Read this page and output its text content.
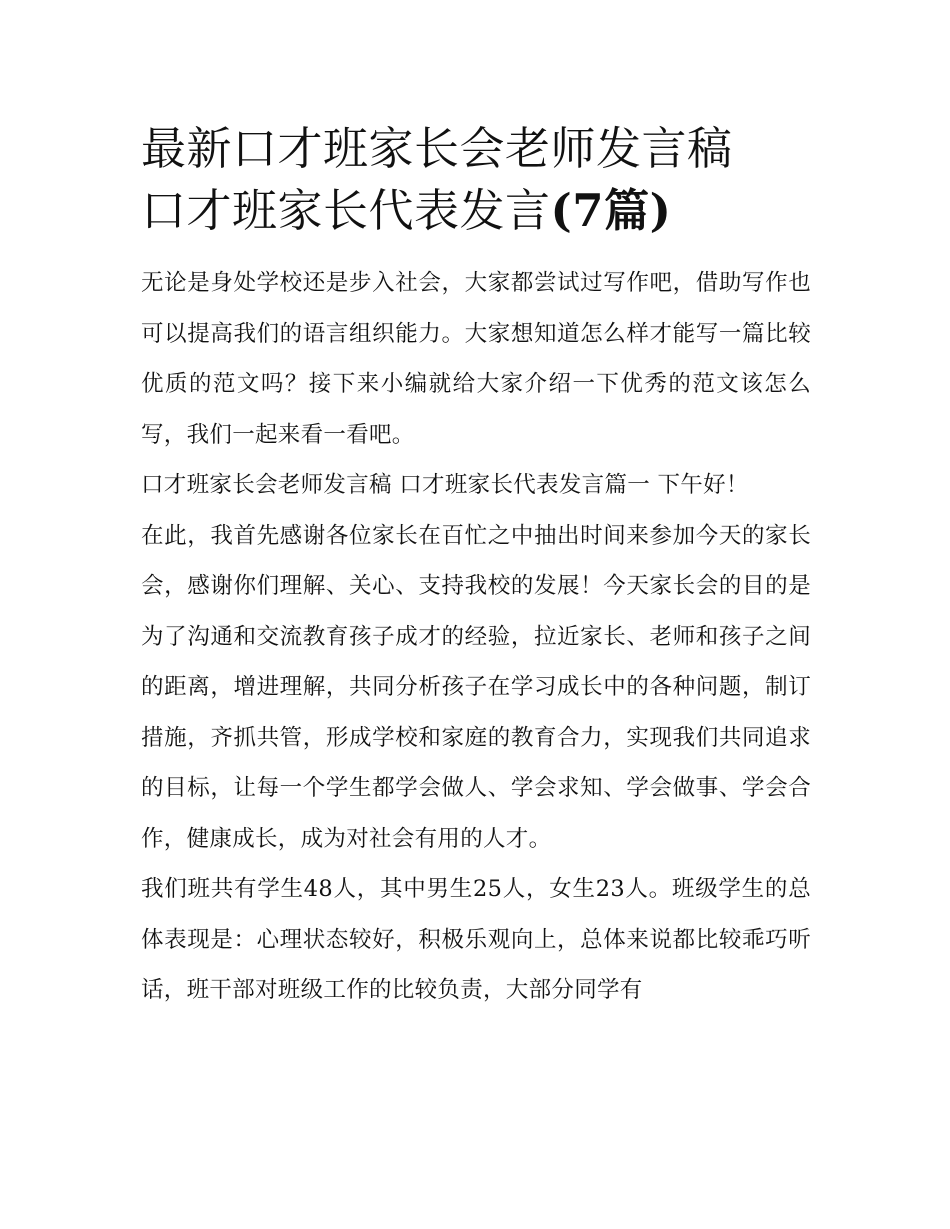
最新口才班家长会老师发言稿
口才班家长代表发言(7篇)

无论是身处学校还是步入社会，大家都尝试过写作吧，借助写作也可以提高我们的语言组织能力。大家想知道怎么样才能写一篇比较优质的范文吗？接下来小编就给大家介绍一下优秀的范文该怎么写，我们一起来看一看吧。

口才班家长会老师发言稿 口才班家长代表发言篇一 下午好！

在此，我首先感谢各位家长在百忙之中抽出时间来参加今天的家长会，感谢你们理解、关心、支持我校的发展！今天家长会的目的是为了沟通和交流教育孩子成才的经验，拉近家长、老师和孩子之间的距离，增进理解，共同分析孩子在学习成长中的各种问题，制订措施，齐抓共管，形成学校和家庭的教育合力，实现我们共同追求的目标，让每一个学生都学会做人、学会求知、学会做事、学会合作，健康成长，成为对社会有用的人才。

我们班共有学生48人，其中男生25人，女生23人。班级学生的总体表现是：心理状态较好，积极乐观向上，总体来说都比较乖巧听话，班干部对班级工作的比较负责，大部分同学有
